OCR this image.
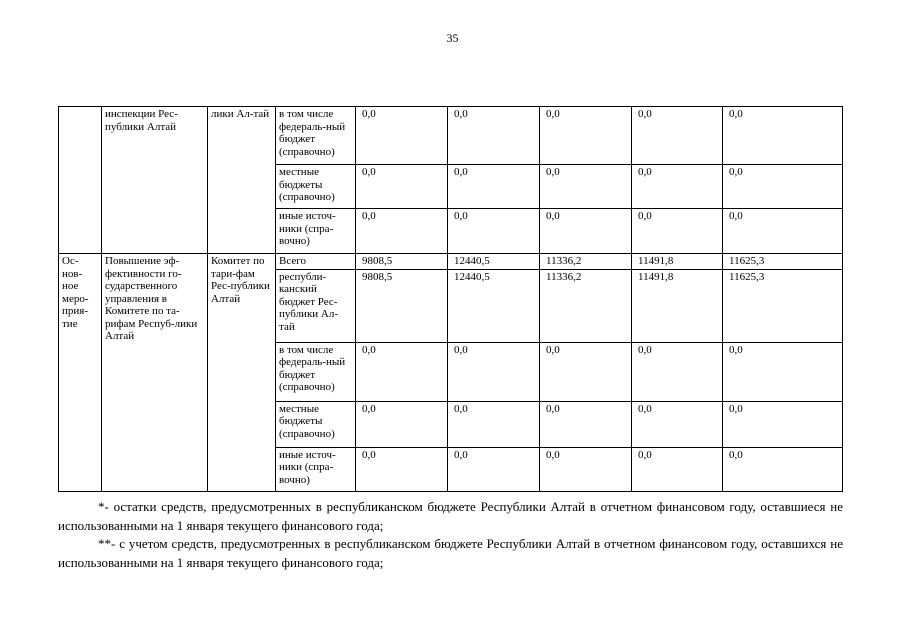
35
	инспекции Рес-публики Алтай	лики Ал-тай	в том числе федераль-ный бюджет (справочно)	0,0	0,0	0,0	0,0	0,0
			местные бюджеты (справочно)	0,0	0,0	0,0	0,0	0,0
			иные источ-ники (спра-вочно)	0,0	0,0	0,0	0,0	0,0
Ос-нов-ное меро-прия-тие	Повышение эф-фективности го-сударственного управления в Комитете по та-рифам Респуб-лики Алтай	Комитет по тари-фам Рес-публики Алтай	Всего	9808,5	12440,5	11336,2	11491,8	11625,3
			республи-канский бюджет Рес-публики Ал-тай	9808,5	12440,5	11336,2	11491,8	11625,3
			в том числе федераль-ный бюджет (справочно)	0,0	0,0	0,0	0,0	0,0
			местные бюджеты (справочно)	0,0	0,0	0,0	0,0	0,0
			иные источ-ники (спра-вочно)	0,0	0,0	0,0	0,0	0,0

*- остатки средств, предусмотренных в республиканском бюджете Республики Алтай в отчетном финансовом году, оставшиеся не использованными на 1 января текущего финансового года;

**- с учетом средств, предусмотренных в республиканском бюджете Республики Алтай в отчетном финансовом году, оставшихся не использованными на 1 января текущего финансового года;
